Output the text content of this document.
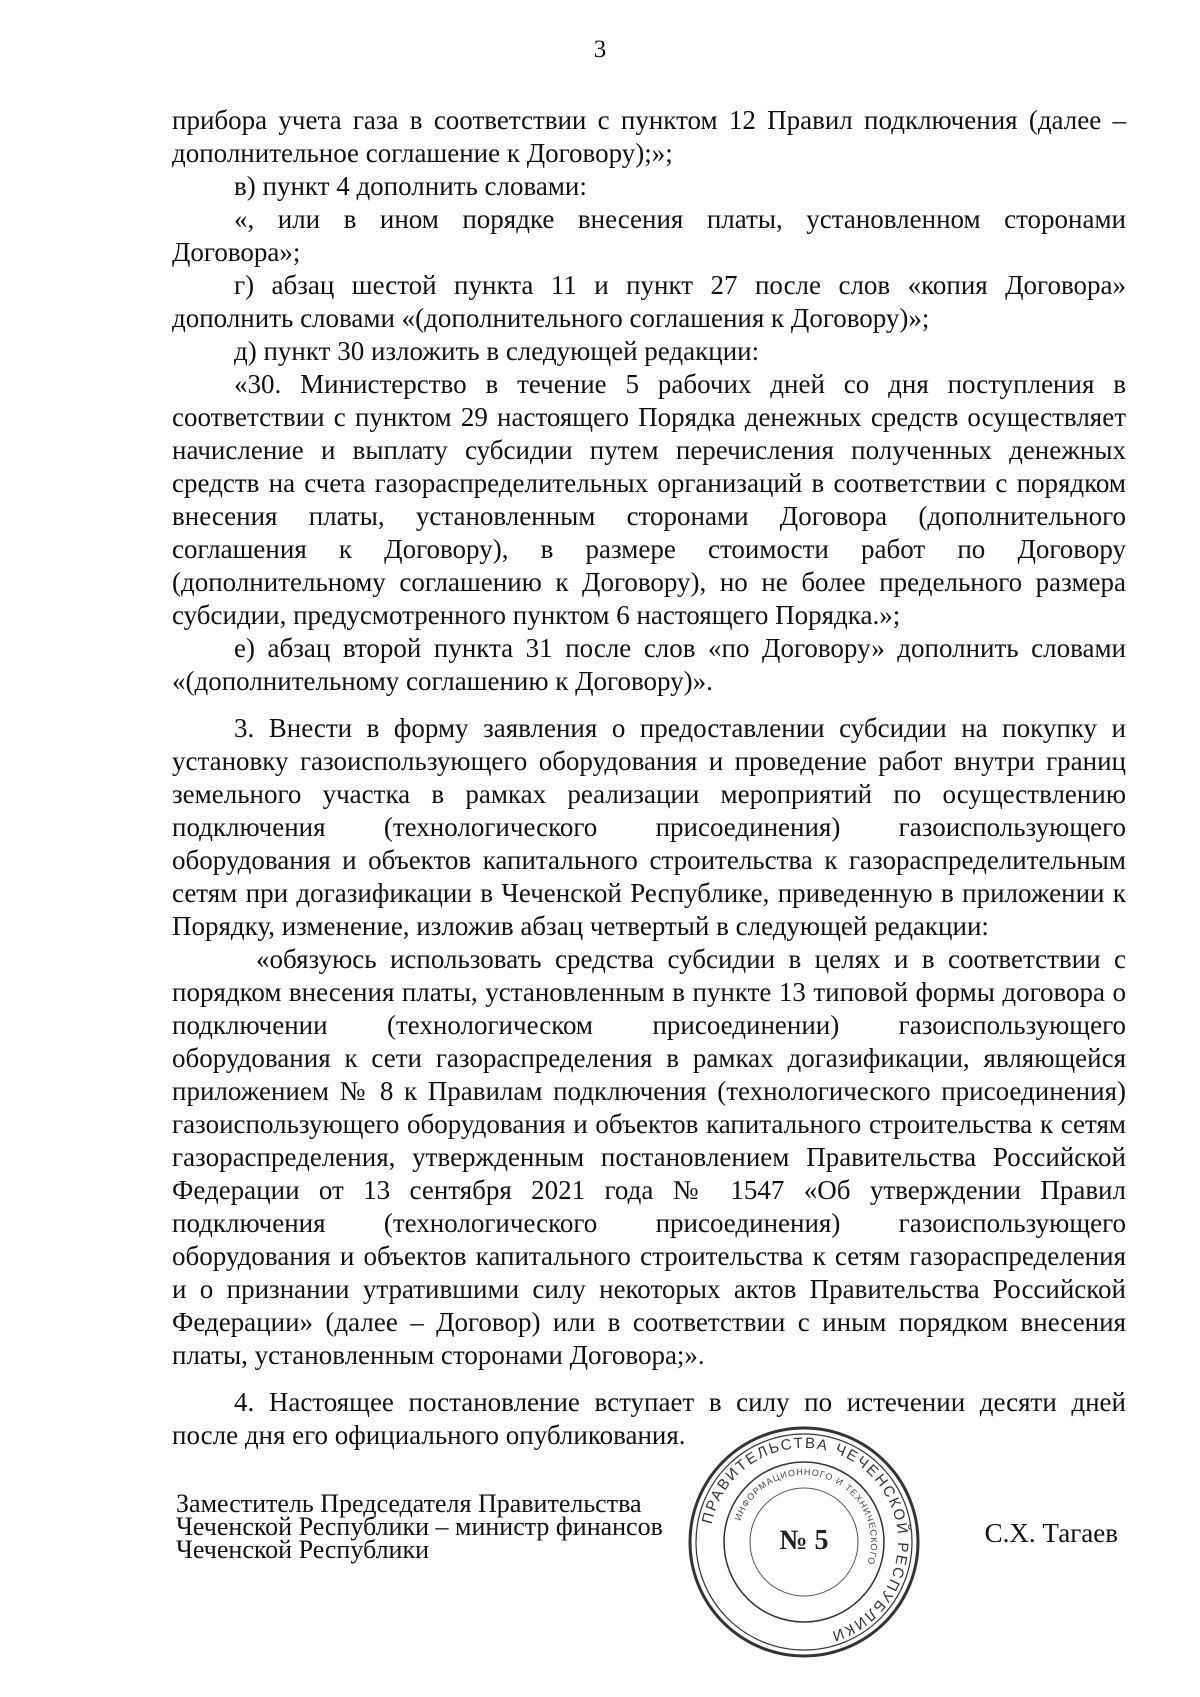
3

прибора учета газа в соответствии с пунктом 12 Правил подключения (далее – дополнительное соглашение к Договору);»;

в) пункт 4 дополнить словами:

«, или в ином порядке внесения платы, установленном сторонами Договора»;

г) абзац шестой пункта 11 и пункт 27 после слов «копия Договора» дополнить словами «(дополнительного соглашения к Договору)»;

д) пункт 30 изложить в следующей редакции:

«30. Министерство в течение 5 рабочих дней со дня поступления в соответствии с пунктом 29 настоящего Порядка денежных средств осуществляет начисление и выплату субсидии путем перечисления полученных денежных средств на счета газораспределительных организаций в соответствии с порядком внесения платы, установленным сторонами Договора (дополнительного соглашения к Договору), в размере стоимости работ по Договору (дополнительному соглашению к Договору), но не более предельного размера субсидии, предусмотренного пунктом 6 настоящего Порядка.»;

е) абзац второй пункта 31 после слов «по Договору» дополнить словами «(дополнительному соглашению к Договору)».

3. Внести в форму заявления о предоставлении субсидии на покупку и установку газоиспользующего оборудования и проведение работ внутри границ земельного участка в рамках реализации мероприятий по осуществлению подключения (технологического присоединения) газоиспользующего оборудования и объектов капитального строительства к газораспределительным сетям при догазификации в Чеченской Республике, приведенную в приложении к Порядку, изменение, изложив абзац четвертый в следующей редакции:

«обязуюсь использовать средства субсидии в целях и в соответствии с порядком внесения платы, установленным в пункте 13 типовой формы договора о подключении (технологическом присоединении) газоиспользующего оборудования к сети газораспределения в рамках догазификации, являющейся приложением № 8 к Правилам подключения (технологического присоединения) газоиспользующего оборудования и объектов капитального строительства к сетям газораспределения, утвержденным постановлением Правительства Российской Федерации от 13 сентября 2021 года № 1547 «Об утверждении Правил подключения (технологического присоединения) газоиспользующего оборудования и объектов капитального строительства к сетям газораспределения и о признании утратившими силу некоторых актов Правительства Российской Федерации» (далее – Договор) или в соответствии с иным порядком внесения платы, установленным сторонами Договора;».

4. Настоящее постановление вступает в силу по истечении десяти дней после дня его официального опубликования.

Заместитель Председателя Правительства
Чеченской Республики – министр финансов
Чеченской Республики
С.Х. Тагаев
ПРАВИТЕЛЬСТВА ЧЕЧЕНСКОЙ РЕСПУБЛИКИ
ИНФОРМАЦИОННОГО И ТЕХНИЧЕСКОГО
№ 5
